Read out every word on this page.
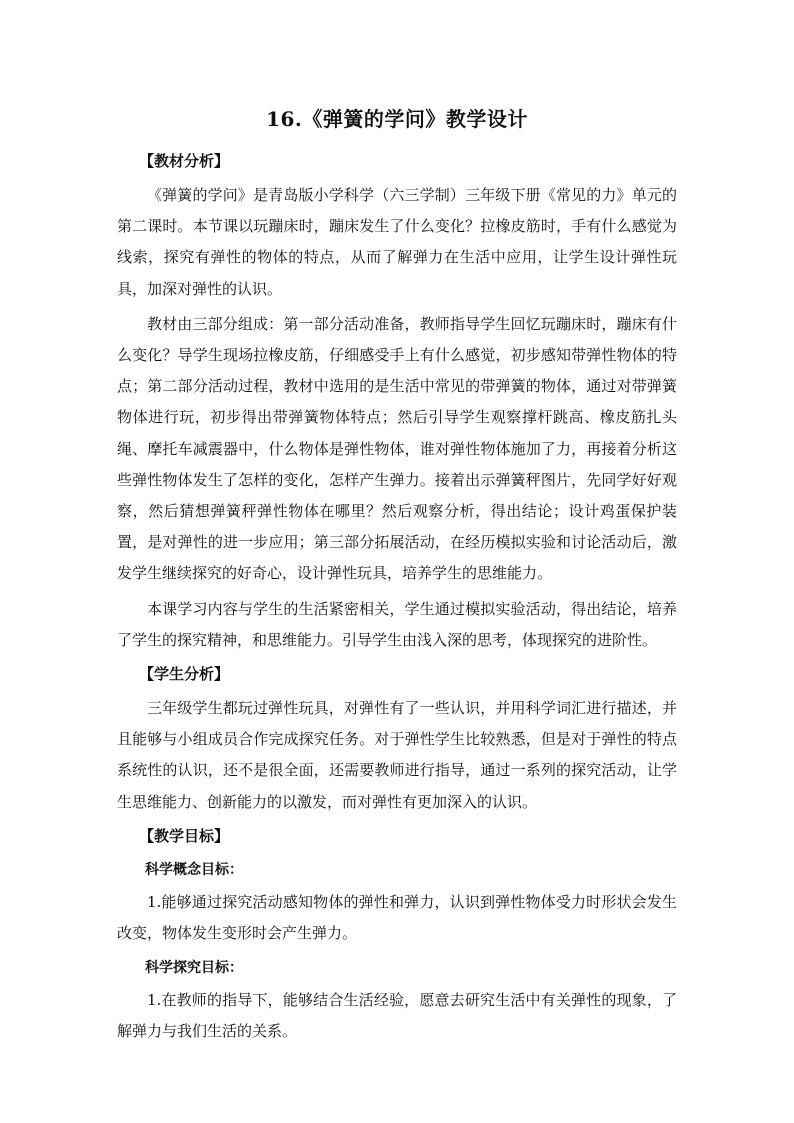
16.《弹簧的学问》教学设计
【教材分析】

《弹簧的学问》是青岛版小学科学（六三学制）三年级下册《常见的力》单元的第二课时。本节课以玩蹦床时，蹦床发生了什么变化？拉橡皮筋时，手有什么感觉为线索，探究有弹性的物体的特点，从而了解弹力在生活中应用，让学生设计弹性玩具，加深对弹性的认识。

教材由三部分组成：第一部分活动准备，教师指导学生回忆玩蹦床时，蹦床有什么变化？导学生现场拉橡皮筋，仔细感受手上有什么感觉，初步感知带弹性物体的特点；第二部分活动过程，教材中选用的是生活中常见的带弹簧的物体，通过对带弹簧物体进行玩，初步得出带弹簧物体特点；然后引导学生观察撑杆跳高、橡皮筋扎头绳、摩托车减震器中，什么物体是弹性物体，谁对弹性物体施加了力，再接着分析这些弹性物体发生了怎样的变化，怎样产生弹力。接着出示弹簧秤图片，先同学好好观察，然后猜想弹簧秤弹性物体在哪里？然后观察分析，得出结论；设计鸡蛋保护装置，是对弹性的进一步应用；第三部分拓展活动，在经历模拟实验和讨论活动后，激发学生继续探究的好奇心，设计弹性玩具，培养学生的思维能力。

本课学习内容与学生的生活紧密相关，学生通过模拟实验活动，得出结论，培养了学生的探究精神，和思维能力。引导学生由浅入深的思考，体现探究的进阶性。

【学生分析】

三年级学生都玩过弹性玩具，对弹性有了一些认识，并用科学词汇进行描述，并且能够与小组成员合作完成探究任务。对于弹性学生比较熟悉，但是对于弹性的特点系统性的认识，还不是很全面，还需要教师进行指导，通过一系列的探究活动，让学生思维能力、创新能力的以激发，而对弹性有更加深入的认识。

【教学目标】
科学概念目标：

1.能够通过探究活动感知物体的弹性和弹力，认识到弹性物体受力时形状会发生改变，物体发生变形时会产生弹力。

科学探究目标：

1.在教师的指导下，能够结合生活经验，愿意去研究生活中有关弹性的现象，了解弹力与我们生活的关系。
